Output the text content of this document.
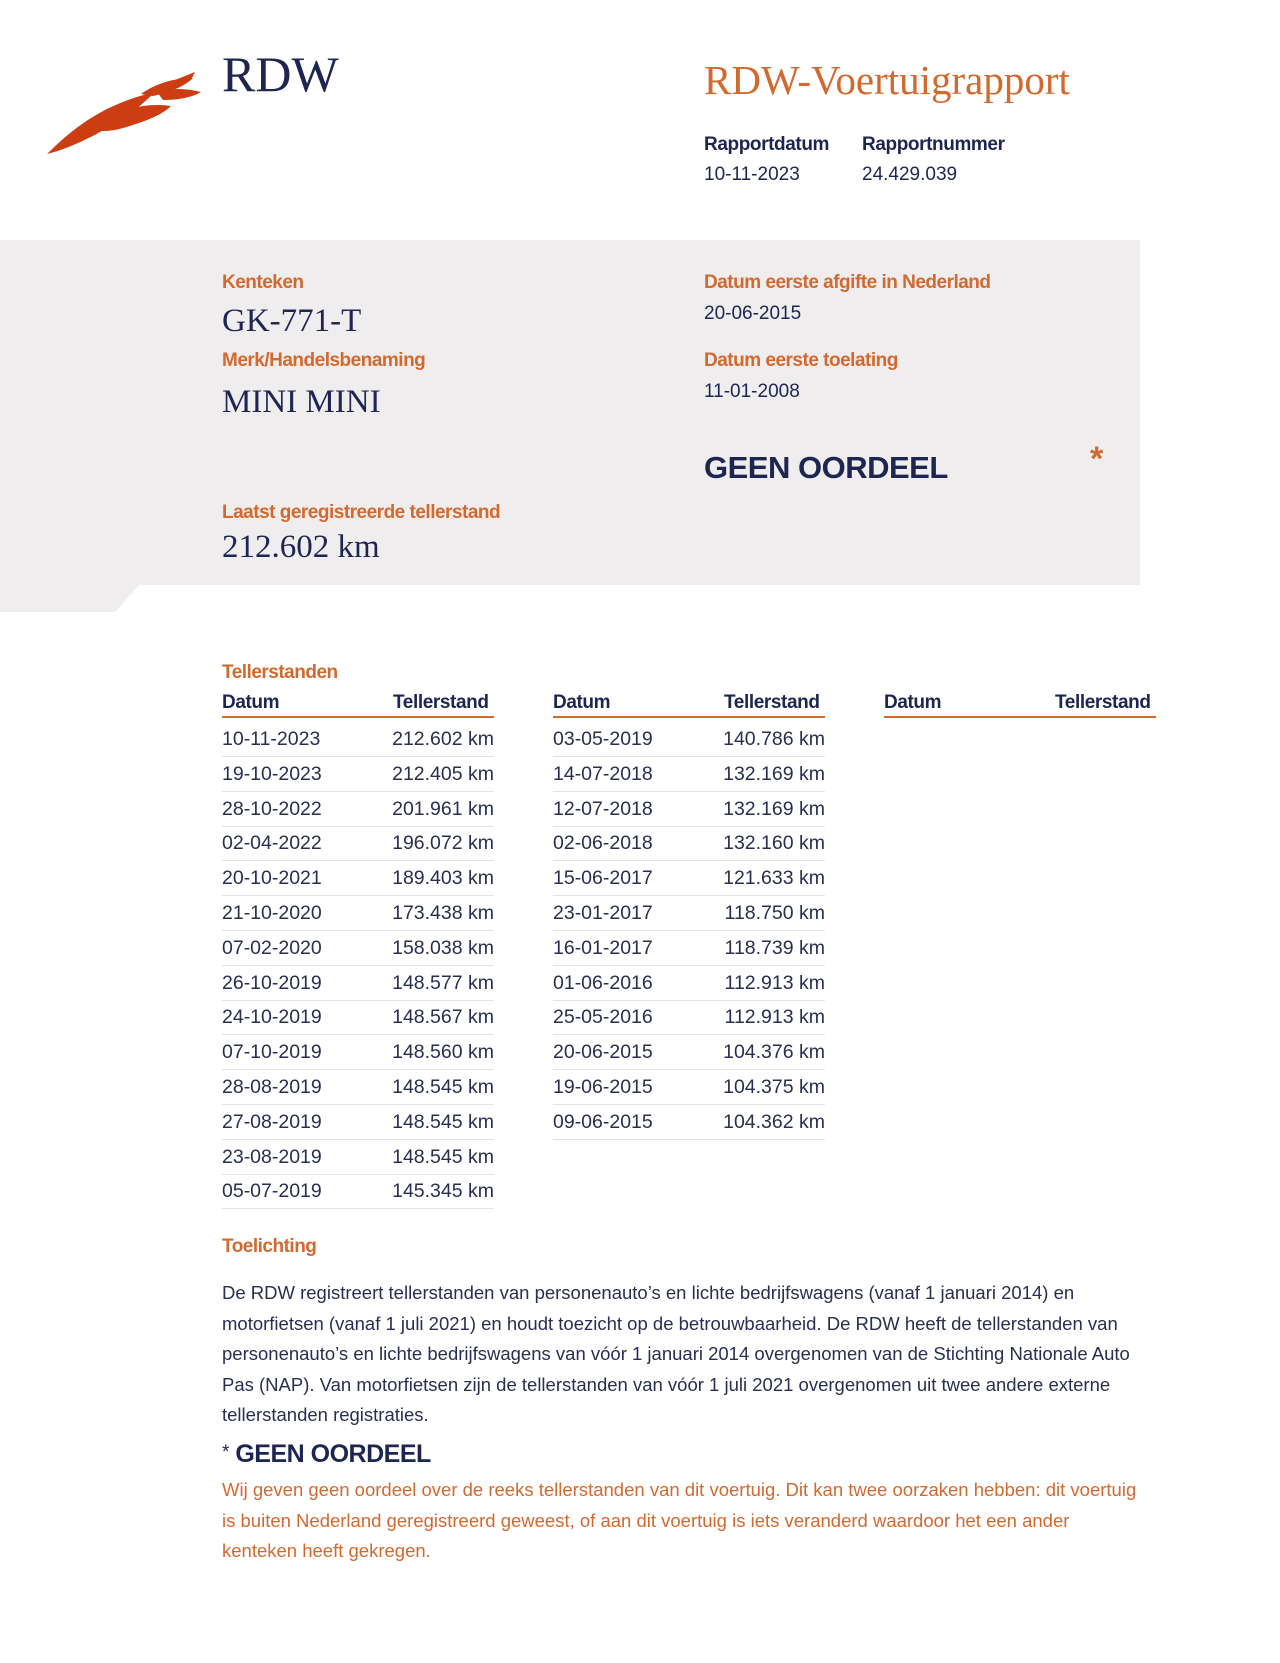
RDW	RDW-Voertuigrapport
Rapportdatum
10-11-2023
Rapportnummer
24.429.039
Kenteken
GK-771-T
Merk/Handelsbenaming
MINI MINI
Datum eerste afgifte in Nederland
20-06-2015
Datum eerste toelating
11-01-2008
GEEN OORDEEL	*
Laatst geregistreerde tellerstand
212.602 km
Tellerstanden
Datum	Tellerstand	Datum	Tellerstand	Datum	Tellerstand
10-11-2023	212.602 km
19-10-2023	212.405 km
28-10-2022	201.961 km
02-04-2022	196.072 km
20-10-2021	189.403 km
21-10-2020	173.438 km
07-02-2020	158.038 km
26-10-2019	148.577 km
24-10-2019	148.567 km
07-10-2019	148.560 km
28-08-2019	148.545 km
27-08-2019	148.545 km
23-08-2019	148.545 km
05-07-2019	145.345 km
03-05-2019	140.786 km
14-07-2018	132.169 km
12-07-2018	132.169 km
02-06-2018	132.160 km
15-06-2017	121.633 km
23-01-2017	118.750 km
16-01-2017	118.739 km
01-06-2016	112.913 km
25-05-2016	112.913 km
20-06-2015	104.376 km
19-06-2015	104.375 km
09-06-2015	104.362 km
Toelichting
De RDW registreert tellerstanden van personenauto’s en lichte bedrijfswagens (vanaf 1 januari 2014) en motorfietsen (vanaf 1 juli 2021) en houdt toezicht op de betrouwbaarheid. De RDW heeft de tellerstanden van personenauto’s en lichte bedrijfswagens van vóór 1 januari 2014 overgenomen van de Stichting Nationale Auto Pas (NAP). Van motorfietsen zijn de tellerstanden van vóór 1 juli 2021 overgenomen uit twee andere externe tellerstanden registraties.
* GEEN OORDEEL
Wij geven geen oordeel over de reeks tellerstanden van dit voertuig. Dit kan twee oorzaken hebben: dit voertuig is buiten Nederland geregistreerd geweest, of aan dit voertuig is iets veranderd waardoor het een ander kenteken heeft gekregen.
